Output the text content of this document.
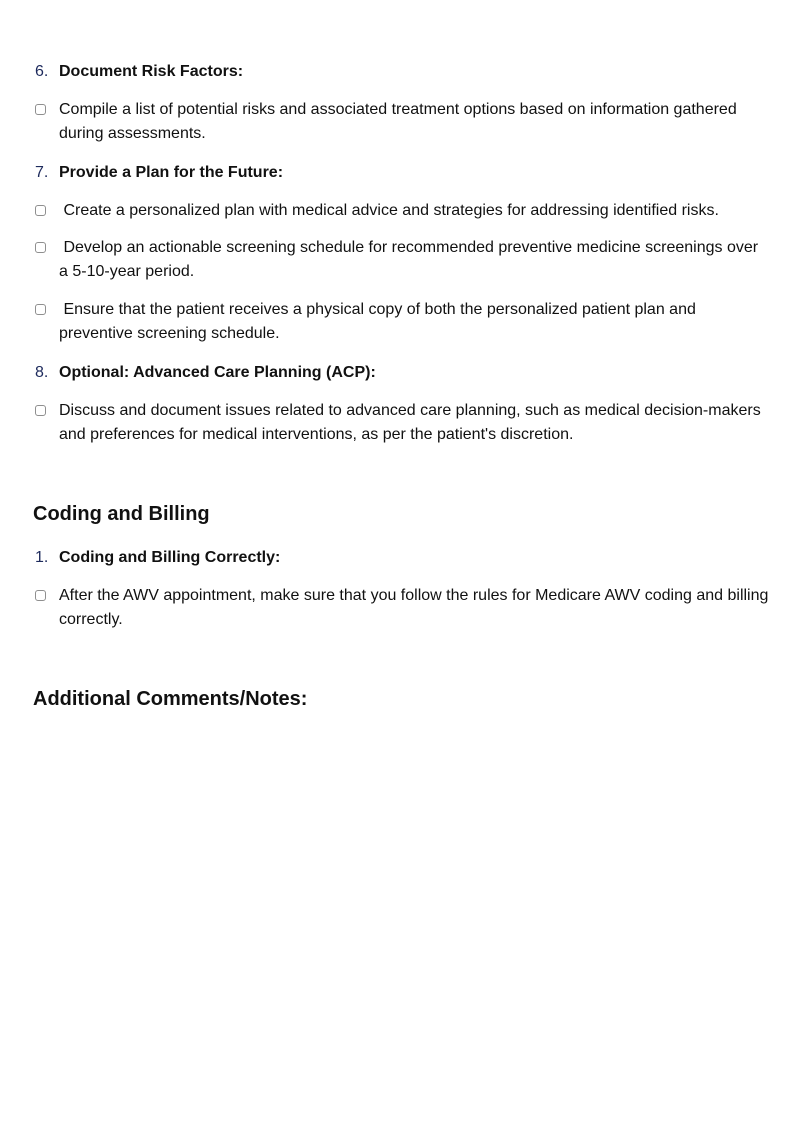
6. Document Risk Factors:
Compile a list of potential risks and associated treatment options based on information gathered during assessments.
7. Provide a Plan for the Future:
Create a personalized plan with medical advice and strategies for addressing identified risks.
Develop an actionable screening schedule for recommended preventive medicine screenings over a 5-10-year period.
Ensure that the patient receives a physical copy of both the personalized patient plan and preventive screening schedule.
8. Optional: Advanced Care Planning (ACP):
Discuss and document issues related to advanced care planning, such as medical decision-makers and preferences for medical interventions, as per the patient's discretion.
Coding and Billing
1. Coding and Billing Correctly:
After the AWV appointment, make sure that you follow the rules for Medicare AWV coding and billing correctly.
Additional Comments/Notes:
